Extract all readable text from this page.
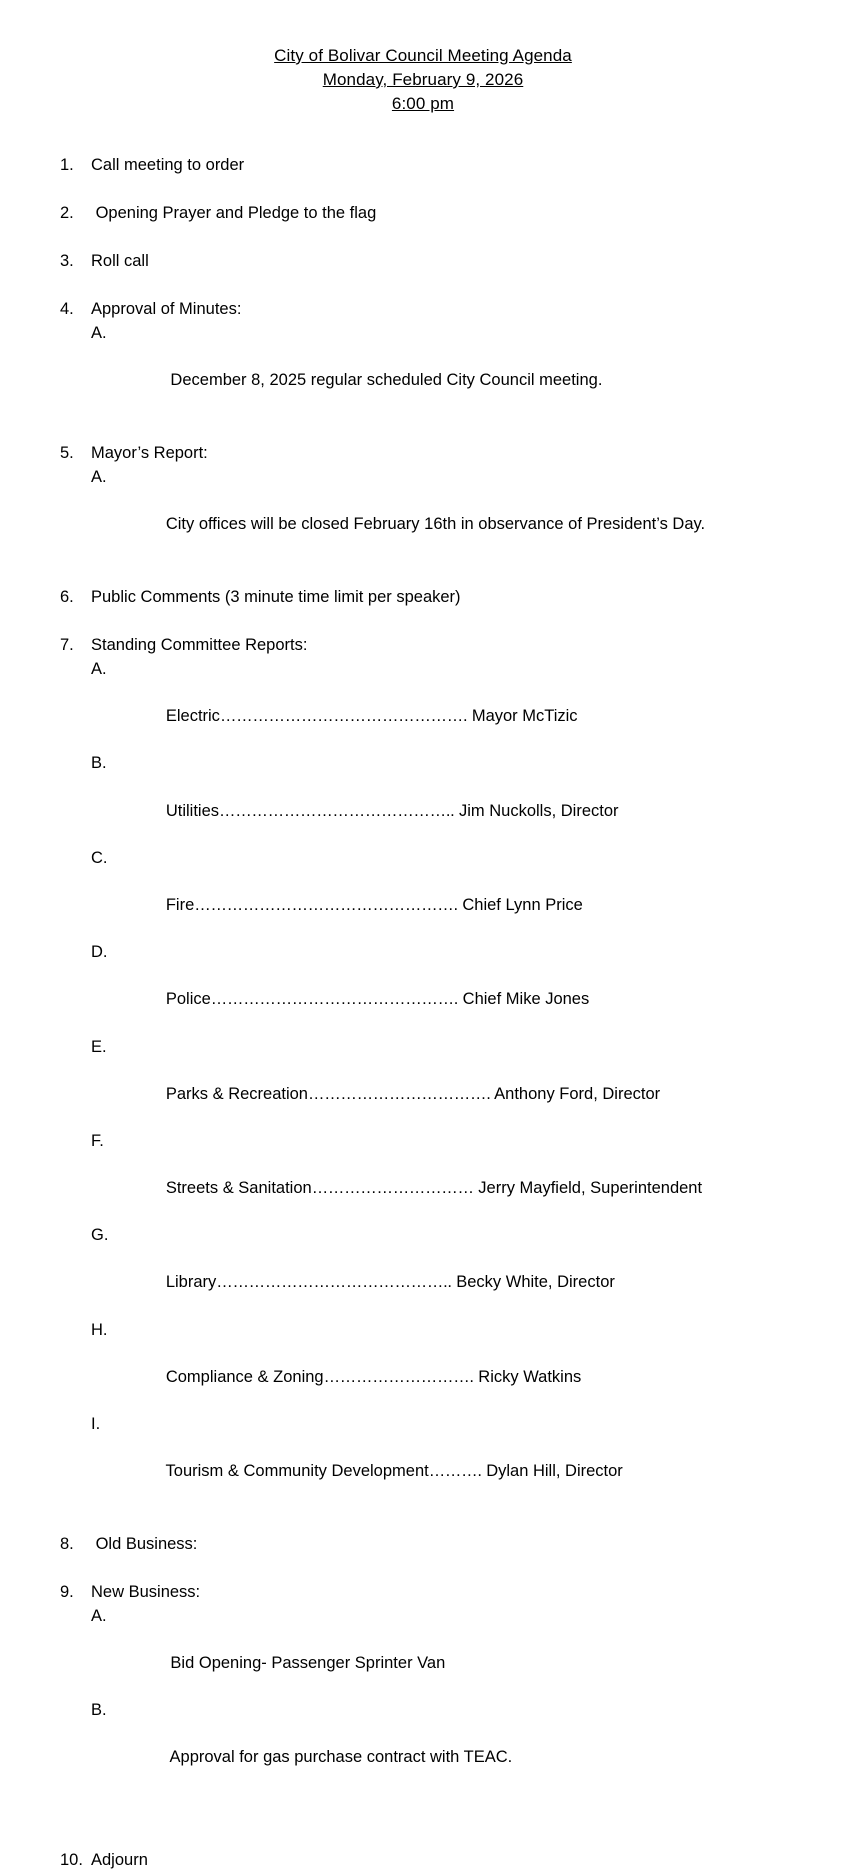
City of Bolivar Council Meeting Agenda
Monday, February 9, 2026
6:00 pm
1.	Call meeting to order
2.	Opening Prayer and Pledge to the flag
3.	Roll call
4.	Approval of Minutes:

A.

December 8, 2025 regular scheduled City Council meeting.

5.	Mayor’s Report:

A.

City offices will be closed February 16th in observance of President’s Day.

6.	Public Comments (3 minute time limit per speaker)
7.	Standing Committee Reports:

A.

Electric………………………………………. Mayor McTizic

B.

Utilities…………………………………….. Jim Nuckolls, Director

C.

Fire…………………………………………. Chief Lynn Price

D.

Police………………………………………. Chief Mike Jones

E.

Parks & Recreation……………………………. Anthony Ford, Director

F.

Streets & Sanitation………………………… Jerry Mayfield, Superintendent

G.

Library…………………………………….. Becky White, Director

H.

Compliance & Zoning………………………. Ricky Watkins

I.

Tourism & Community Development………. Dylan Hill, Director

8.	Old Business:
9.	New Business:

A.

Bid Opening- Passenger Sprinter Van

B.

Approval for gas purchase contract with TEAC.

10. Adjourn
